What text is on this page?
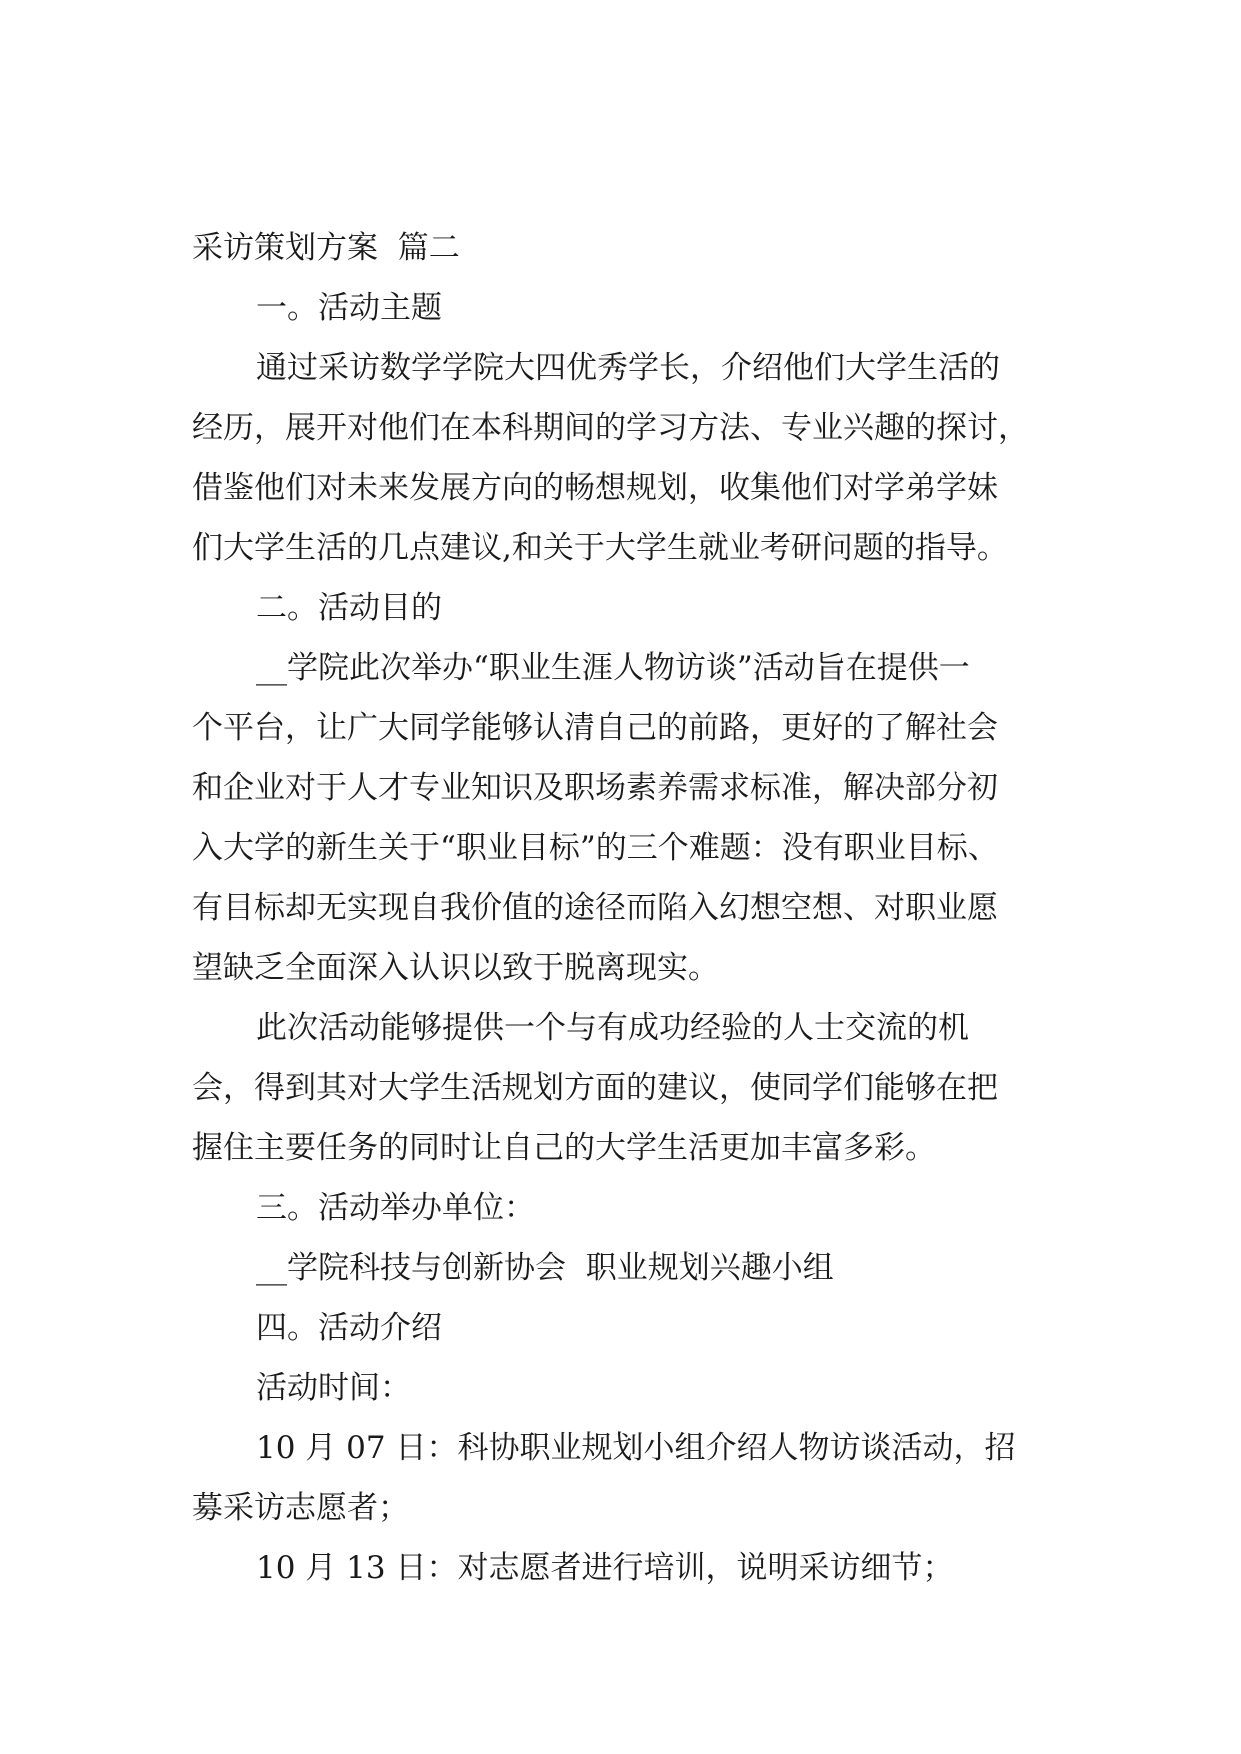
采访策划方案  篇二
一。活动主题
通过采访数学学院大四优秀学长，介绍他们大学生活的
经历，展开对他们在本科期间的学习方法、专业兴趣的探讨，
借鉴他们对未来发展方向的畅想规划，收集他们对学弟学妹
们大学生活的几点建议,和关于大学生就业考研问题的指导。
二。活动目的
__学院此次举办“职业生涯人物访谈”活动旨在提供一
个平台，让广大同学能够认清自己的前路，更好的了解社会
和企业对于人才专业知识及职场素养需求标准，解决部分初
入大学的新生关于“职业目标”的三个难题：没有职业目标、
有目标却无实现自我价值的途径而陷入幻想空想、对职业愿
望缺乏全面深入认识以致于脱离现实。
此次活动能够提供一个与有成功经验的人士交流的机
会，得到其对大学生活规划方面的建议，使同学们能够在把
握住主要任务的同时让自己的大学生活更加丰富多彩。
三。活动举办单位：
__学院科技与创新协会  职业规划兴趣小组
四。活动介绍
活动时间：
10 月 07 日：科协职业规划小组介绍人物访谈活动，招
募采访志愿者；
10 月 13 日：对志愿者进行培训，说明采访细节；
